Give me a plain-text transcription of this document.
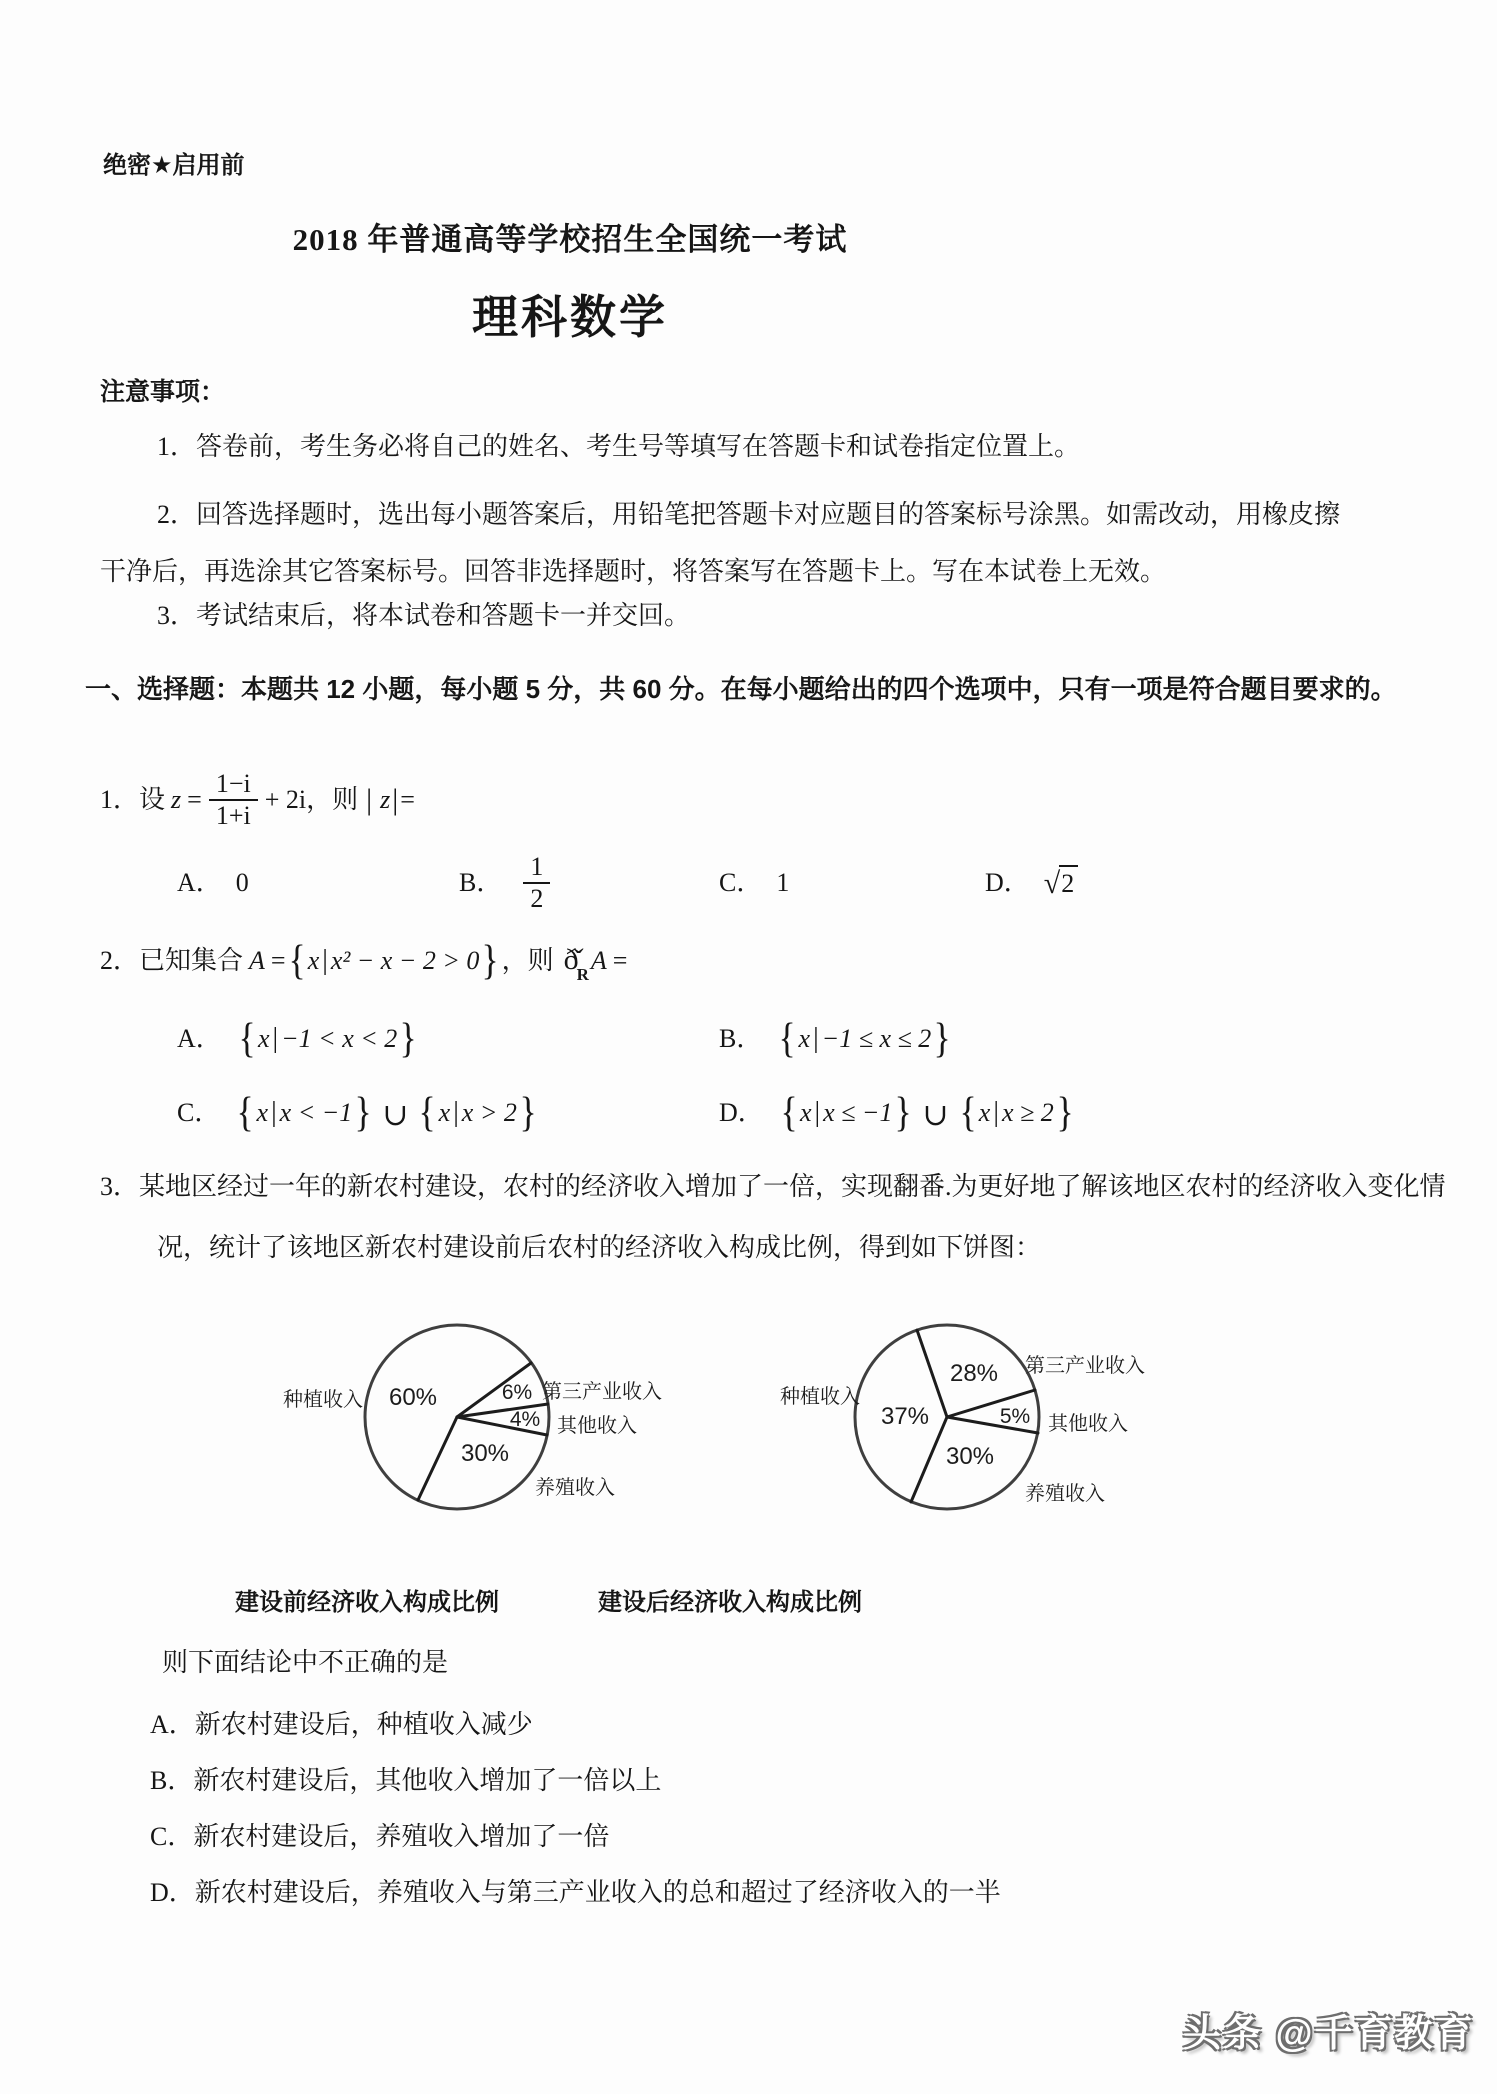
绝密★启用前
2018 年普通高等学校招生全国统一考试
理科数学
注意事项：
1．答卷前，考生务必将自己的姓名、考生号等填写在答题卡和试卷指定位置上。
2．回答选择题时，选出每小题答案后，用铅笔把答题卡对应题目的答案标号涂黑。如需改动，用橡皮擦干净后，再选涂其它答案标号。回答非选择题时，将答案写在答题卡上。写在本试卷上无效。
3．考试结束后，将本试卷和答题卡一并交回。
一、选择题：本题共 12 小题，每小题 5 分，共 60 分。在每小题给出的四个选项中，只有一项是符合题目要求的。
1．设 $z = \frac{1-i}{1+i} + 2i$，则 | z | =
A． 0	B． $\frac{1}{2}$	C． 1	D． √ 2
2．已知集合 A = { x | x² − x − 2 > 0 } ，则 $ð̌_R$ A =
A． { x | −1 < x < 2 }	B． { x | −1 ≤ x ≤ 2 }
C． { x | x < −1 } ∪ { x | x > 2 }	D． { x | x ≤ −1 } ∪ { x | x ≥ 2 }
3．某地区经过一年的新农村建设，农村的经济收入增加了一倍，实现翻番.为更好地了解该地区农村的经济收入变化情况，统计了该地区新农村建设前后农村的经济收入构成比例，得到如下饼图：
种植收入 60%	6% 第三产业收入
4% 其他收入
30%
养殖收入
种植收入
37%
28% 第三产业收入
5% 其他收入
30%
养殖收入
建设前经济收入构成比例	建设后经济收入构成比例
则下面结论中不正确的是
A．新农村建设后，种植收入减少
B．新农村建设后，其他收入增加了一倍以上
C．新农村建设后，养殖收入增加了一倍
D．新农村建设后，养殖收入与第三产业收入的总和超过了经济收入的一半
头条 @千育教育
